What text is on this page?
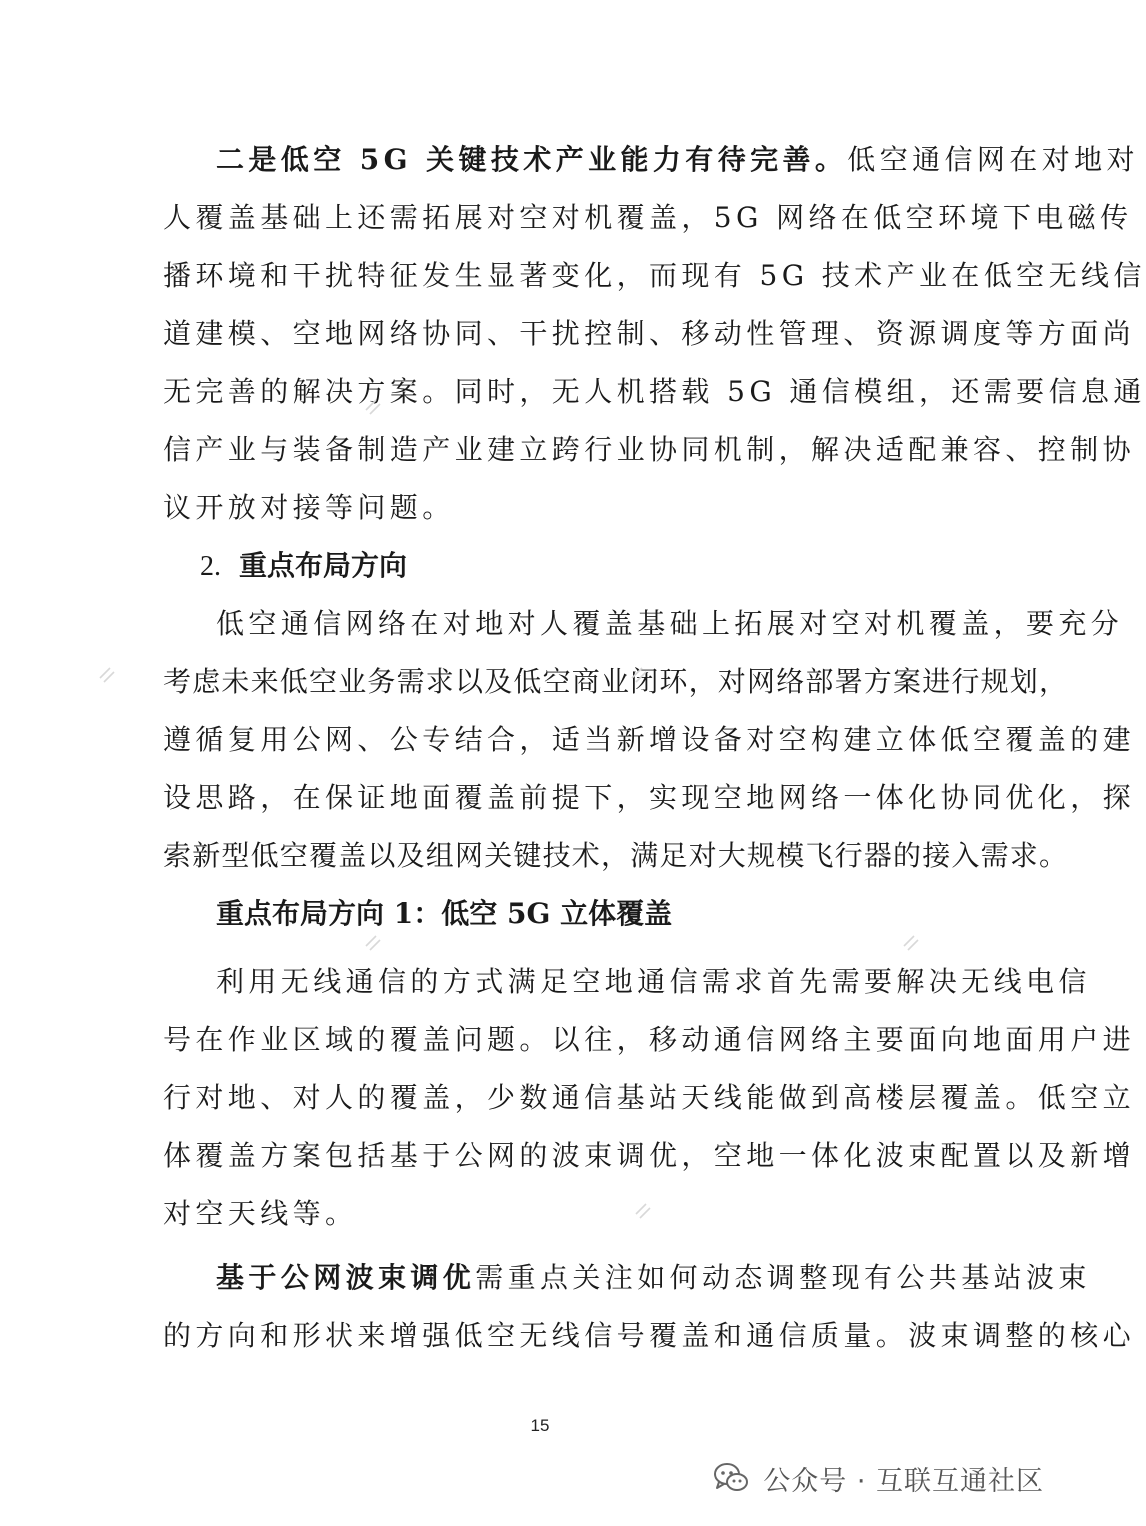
二是低空 5G 关键技术产业能力有待完善。低空通信网在对地对
人覆盖基础上还需拓展对空对机覆盖，5G 网络在低空环境下电磁传
播环境和干扰特征发生显著变化，而现有 5G 技术产业在低空无线信
道建模、空地网络协同、干扰控制、移动性管理、资源调度等方面尚
无完善的解决方案。同时，无人机搭载 5G 通信模组，还需要信息通
信产业与装备制造产业建立跨行业协同机制，解决适配兼容、控制协
议开放对接等问题。
2. 重点布局方向
低空通信网络在对地对人覆盖基础上拓展对空对机覆盖，要充分
考虑未来低空业务需求以及低空商业闭环，对网络部署方案进行规划，
遵循复用公网、公专结合，适当新增设备对空构建立体低空覆盖的建
设思路，在保证地面覆盖前提下，实现空地网络一体化协同优化，探
索新型低空覆盖以及组网关键技术，满足对大规模飞行器的接入需求。
重点布局方向 1：低空 5G 立体覆盖
利用无线通信的方式满足空地通信需求首先需要解决无线电信
号在作业区域的覆盖问题。以往，移动通信网络主要面向地面用户进
行对地、对人的覆盖，少数通信基站天线能做到高楼层覆盖。低空立
体覆盖方案包括基于公网的波束调优，空地一体化波束配置以及新增
对空天线等。
基于公网波束调优需重点关注如何动态调整现有公共基站波束
的方向和形状来增强低空无线信号覆盖和通信质量。波束调整的核心
15
公众号 · 互联互通社区
